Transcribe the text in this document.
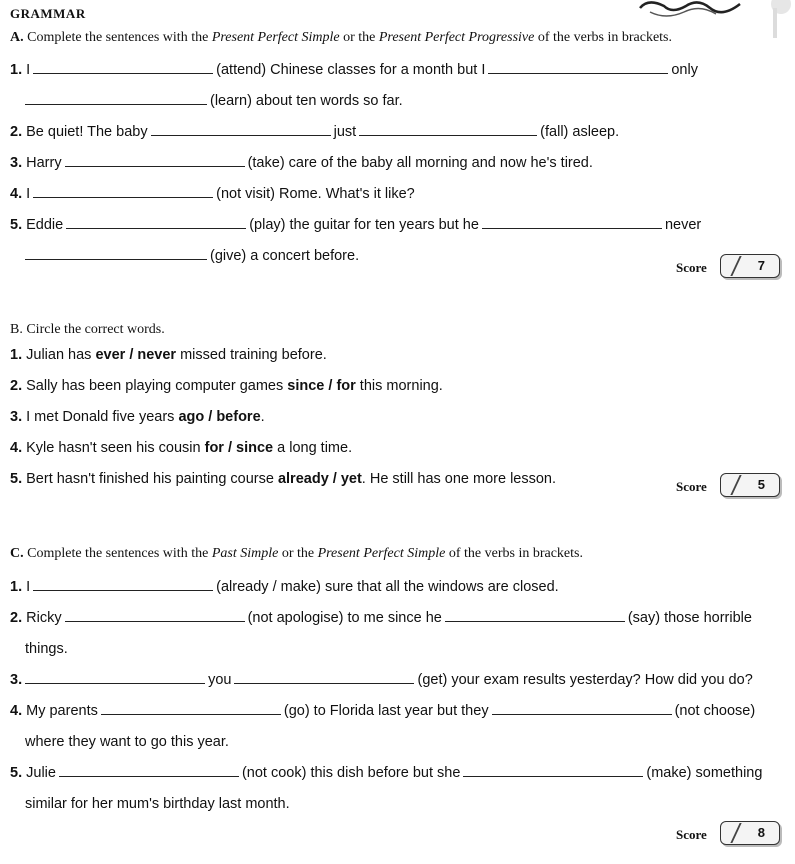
GRAMMAR
A. Complete the sentences with the Present Perfect Simple or the Present Perfect Progressive of the verbs in brackets.
1. I	(attend) Chinese classes for a month but I	only
(learn) about ten words so far.
2. Be quiet! The baby	just	(fall) asleep.
3. Harry	(take) care of the baby all morning and now he's tired.
4. I	(not visit) Rome. What's it like?
5. Eddie	(play) the guitar for ten years but he	never
(give) a concert before.
Score	7
B. Circle the correct words.
1. Julian has ever / never missed training before.
2. Sally has been playing computer games since / for this morning.
3. I met Donald five years ago / before.
4. Kyle hasn't seen his cousin for / since a long time.
5. Bert hasn't finished his painting course already / yet. He still has one more lesson.	Score	5
C. Complete the sentences with the Past Simple or the Present Perfect Simple of the verbs in brackets.
1. I	(already / make) sure that all the windows are closed.
2. Ricky	(not apologise) to me since he	(say) those horrible
things.
3.	you	(get) your exam results yesterday? How did you do?
4. My parents	(go) to Florida last year but they	(not choose)
where they want to go this year.
5. Julie	(not cook) this dish before but she	(make) something
similar for her mum's birthday last month.
Score	8
